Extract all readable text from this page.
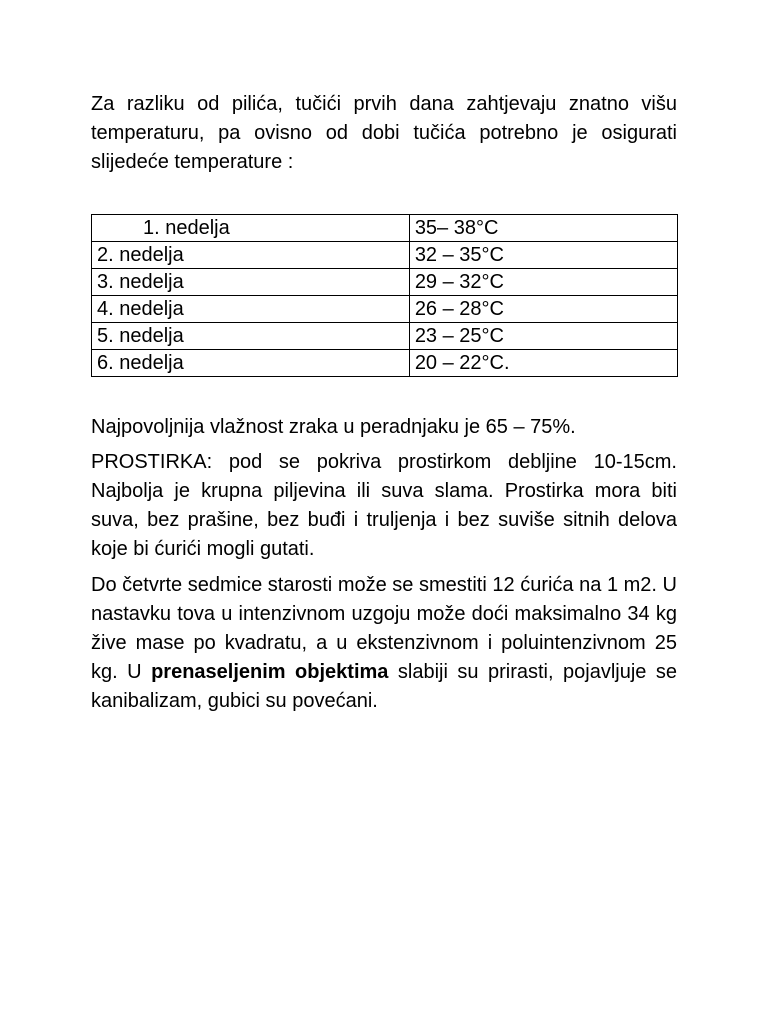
Za razliku od pilića, tučići prvih dana zahtjevaju znatno višu temperaturu, pa ovisno od dobi tučića potrebno je osigurati slijedeće temperature :

1. nedelja	35– 38°C
2. nedelja	32 – 35°C
3. nedelja	29 – 32°C
4. nedelja	26 – 28°C
5. nedelja	23 – 25°C
6. nedelja	20 – 22°C.

Najpovoljnija vlažnost zraka u peradnjaku je 65 – 75%.

PROSTIRKA: pod se pokriva prostirkom debljine 10-15cm. Najbolja je krupna piljevina ili suva slama. Prostirka mora biti suva, bez prašine, bez buđi i truljenja i bez suviše sitnih delova koje bi ćurići mogli gutati.

Do četvrte sedmice starosti može se smestiti 12 ćurića na 1 m2. U nastavku tova u intenzivnom uzgoju može doći maksimalno 34 kg žive mase po kvadratu, a u ekstenzivnom i poluintenzivnom 25 kg. U prenaseljenim objektima slabiji su prirasti, pojavljuje se kanibalizam, gubici su povećani.
